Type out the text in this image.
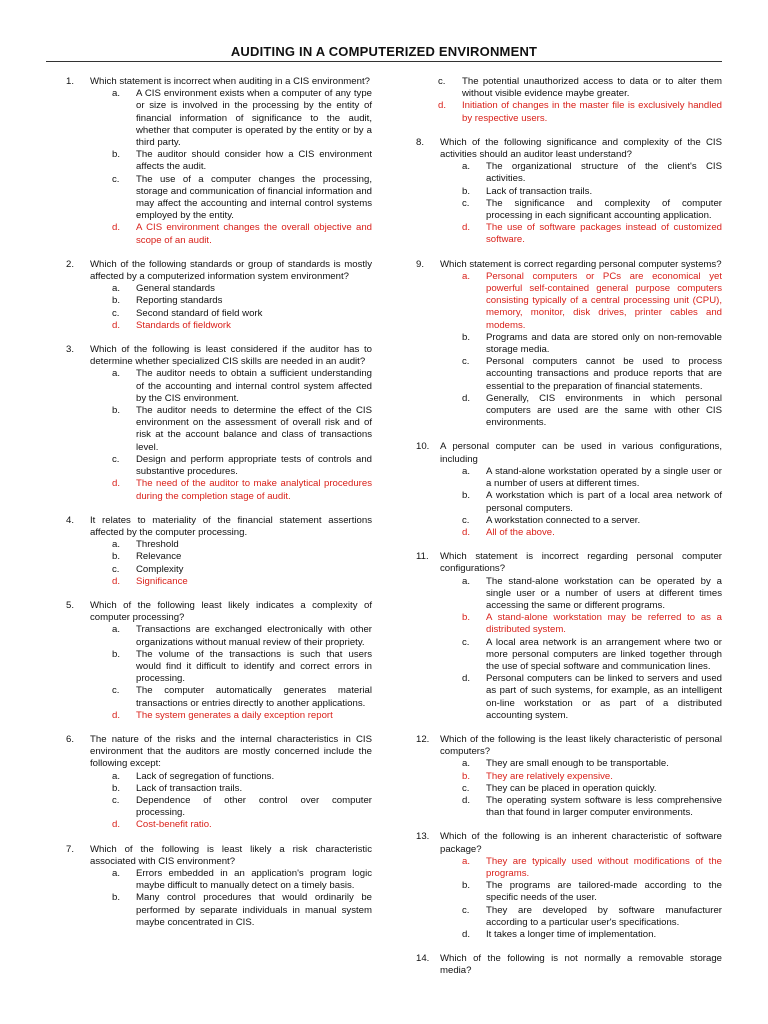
AUDITING IN A COMPUTERIZED ENVIRONMENT
1. Which statement is incorrect when auditing in a CIS environment?
a. A CIS environment exists when a computer of any type or size is involved in the processing by the entity of financial information of significance to the audit, whether that computer is operated by the entity or by a third party.
b. The auditor should consider how a CIS environment affects the audit.
c. The use of a computer changes the processing, storage and communication of financial information and may affect the accounting and internal control systems employed by the entity.
d. A CIS environment changes the overall objective and scope of an audit.
2. Which of the following standards or group of standards is mostly affected by a computerized information system environment?
a. General standards
b. Reporting standards
c. Second standard of field work
d. Standards of fieldwork
3. Which of the following is least considered if the auditor has to determine whether specialized CIS skills are needed in an audit?
a. The auditor needs to obtain a sufficient understanding of the accounting and internal control system affected by the CIS environment.
b. The auditor needs to determine the effect of the CIS environment on the assessment of overall risk and of risk at the account balance and class of transactions level.
c. Design and perform appropriate tests of controls and substantive procedures.
d. The need of the auditor to make analytical procedures during the completion stage of audit.
4. It relates to materiality of the financial statement assertions affected by the computer processing.
a. Threshold
b. Relevance
c. Complexity
d. Significance
5. Which of the following least likely indicates a complexity of computer processing?
a. Transactions are exchanged electronically with other organizations without manual review of their propriety.
b. The volume of the transactions is such that users would find it difficult to identify and correct errors in processing.
c. The computer automatically generates material transactions or entries directly to another applications.
d. The system generates a daily exception report
6. The nature of the risks and the internal characteristics in CIS environment that the auditors are mostly concerned include the following except:
a. Lack of segregation of functions.
b. Lack of transaction trails.
c. Dependence of other control over computer processing.
d. Cost-benefit ratio.
7. Which of the following is least likely a risk characteristic associated with CIS environment?
a. Errors embedded in an application's program logic maybe difficult to manually detect on a timely basis.
b. Many control procedures that would ordinarily be performed by separate individuals in manual system maybe concentrated in CIS.
c. The potential unauthorized access to data or to alter them without visible evidence maybe greater.
d. Initiation of changes in the master file is exclusively handled by respective users.
8. Which of the following significance and complexity of the CIS activities should an auditor least understand?
a. The organizational structure of the client's CIS activities.
b. Lack of transaction trails.
c. The significance and complexity of computer processing in each significant accounting application.
d. The use of software packages instead of customized software.
9. Which statement is correct regarding personal computer systems?
a. Personal computers or PCs are economical yet powerful self-contained general purpose computers consisting typically of a central processing unit (CPU), memory, monitor, disk drives, printer cables and modems.
b. Programs and data are stored only on non-removable storage media.
c. Personal computers cannot be used to process accounting transactions and produce reports that are essential to the preparation of financial statements.
d. Generally, CIS environments in which personal computers are used are the same with other CIS environments.
10. A personal computer can be used in various configurations, including
a. A stand-alone workstation operated by a single user or a number of users at different times.
b. A workstation which is part of a local area network of personal computers.
c. A workstation connected to a server.
d. All of the above.
11. Which statement is incorrect regarding personal computer configurations?
a. The stand-alone workstation can be operated by a single user or a number of users at different times accessing the same or different programs.
b. A stand-alone workstation may be referred to as a distributed system.
c. A local area network is an arrangement where two or more personal computers are linked together through the use of special software and communication lines.
d. Personal computers can be linked to servers and used as part of such systems, for example, as an intelligent on-line workstation or as part of a distributed accounting system.
12. Which of the following is the least likely characteristic of personal computers?
a. They are small enough to be transportable.
b. They are relatively expensive.
c. They can be placed in operation quickly.
d. The operating system software is less comprehensive than that found in larger computer environments.
13. Which of the following is an inherent characteristic of software package?
a. They are typically used without modifications of the programs.
b. The programs are tailored-made according to the specific needs of the user.
c. They are developed by software manufacturer according to a particular user's specifications.
d. It takes a longer time of implementation.
14. Which of the following is not normally a removable storage media?
